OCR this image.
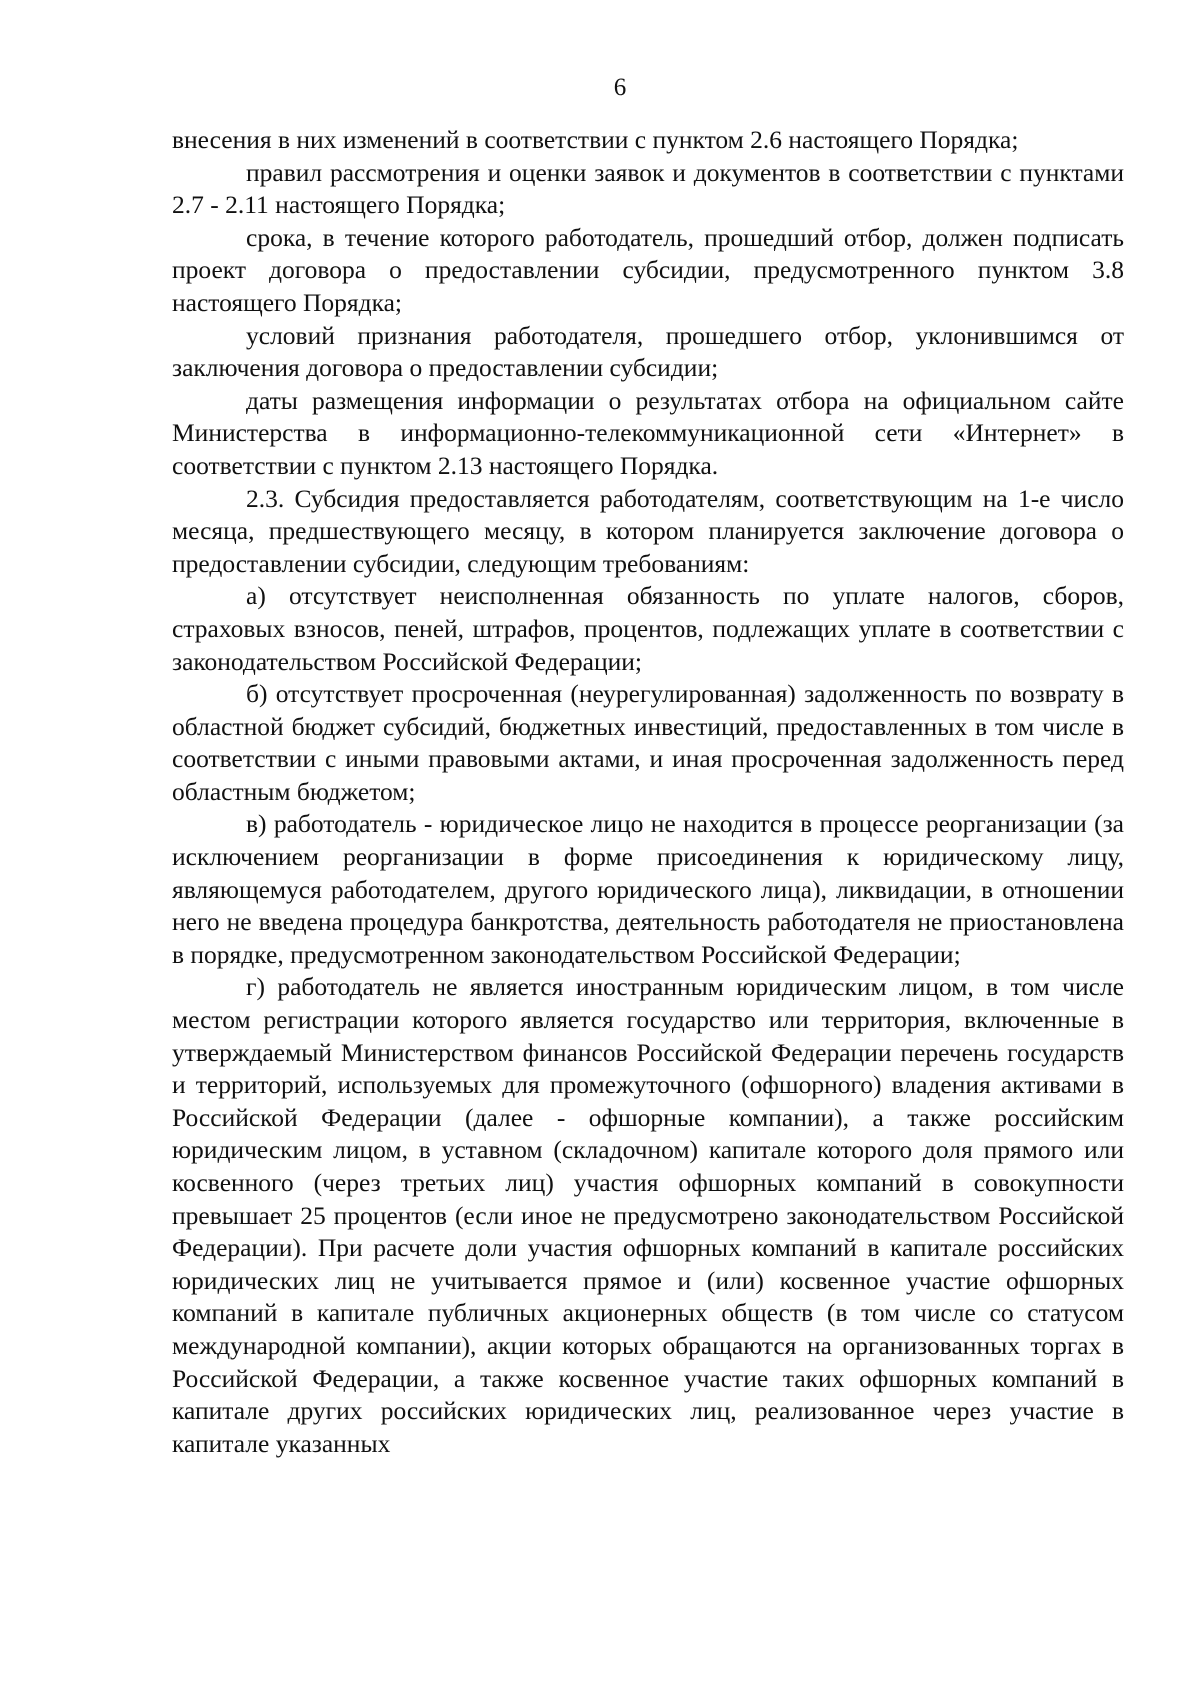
6

внесения в них изменений в соответствии с пунктом 2.6 настоящего Порядка;

правил рассмотрения и оценки заявок и документов в соответствии с пунктами 2.7 - 2.11 настоящего Порядка;

срока, в течение которого работодатель, прошедший отбор, должен подписать проект договора о предоставлении субсидии, предусмотренного пунктом 3.8 настоящего Порядка;

условий признания работодателя, прошедшего отбор, уклонившимся от заключения договора о предоставлении субсидии;

даты размещения информации о результатах отбора на официальном сайте Министерства в информационно-телекоммуникационной сети «Интернет» в соответствии с пунктом 2.13 настоящего Порядка.

2.3. Субсидия предоставляется работодателям, соответствующим на 1-е число месяца, предшествующего месяцу, в котором планируется заключение договора о предоставлении субсидии, следующим требованиям:

а) отсутствует неисполненная обязанность по уплате налогов, сборов, страховых взносов, пеней, штрафов, процентов, подлежащих уплате в соответствии с законодательством Российской Федерации;

б) отсутствует просроченная (неурегулированная) задолженность по возврату в областной бюджет субсидий, бюджетных инвестиций, предоставленных в том числе в соответствии с иными правовыми актами, и иная просроченная задолженность перед областным бюджетом;

в) работодатель - юридическое лицо не находится в процессе реорганизации (за исключением реорганизации в форме присоединения к юридическому лицу, являющемуся работодателем, другого юридического лица), ликвидации, в отношении него не введена процедура банкротства, деятельность работодателя не приостановлена в порядке, предусмотренном законодательством Российской Федерации;

г) работодатель не является иностранным юридическим лицом, в том числе местом регистрации которого является государство или территория, включенные в утверждаемый Министерством финансов Российской Федерации перечень государств и территорий, используемых для промежуточного (офшорного) владения активами в Российской Федерации (далее - офшорные компании), а также российским юридическим лицом, в уставном (складочном) капитале которого доля прямого или косвенного (через третьих лиц) участия офшорных компаний в совокупности превышает 25 процентов (если иное не предусмотрено законодательством Российской Федерации). При расчете доли участия офшорных компаний в капитале российских юридических лиц не учитывается прямое и (или) косвенное участие офшорных компаний в капитале публичных акционерных обществ (в том числе со статусом международной компании), акции которых обращаются на организованных торгах в Российской Федерации, а также косвенное участие таких офшорных компаний в капитале других российских юридических лиц, реализованное через участие в капитале указанных
